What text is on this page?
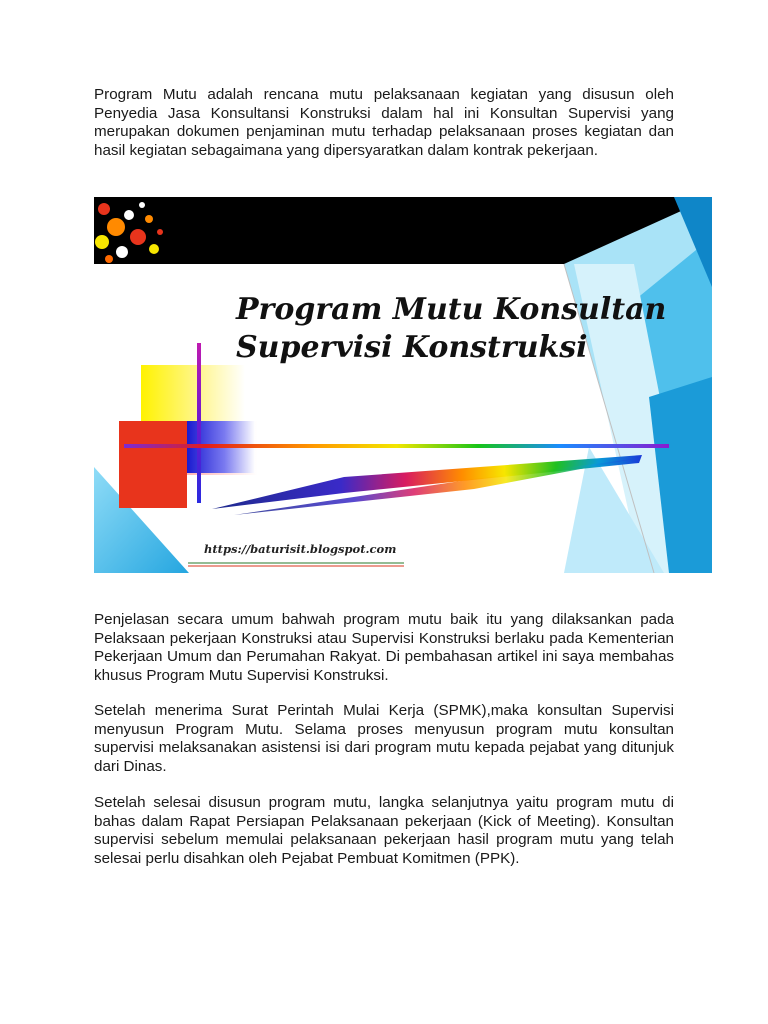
Program Mutu adalah rencana mutu pelaksanaan kegiatan yang disusun oleh Penyedia Jasa Konsultansi Konstruksi dalam hal ini Konsultan Supervisi yang merupakan dokumen penjaminan mutu terhadap pelaksanaan proses kegiatan dan hasil kegiatan sebagaimana yang dipersyaratkan dalam kontrak pekerjaan.

Program Mutu Konsultan
Supervisi Konstruksi
https://baturisit.blogspot.com

Penjelasan secara umum bahwah program mutu baik itu yang dilaksankan pada Pelaksaan pekerjaan Konstruksi atau Supervisi Konstruksi berlaku pada Kementerian Pekerjaan Umum dan Perumahan Rakyat. Di pembahasan artikel ini saya membahas khusus Program Mutu Supervisi Konstruksi.

Setelah menerima Surat Perintah Mulai Kerja (SPMK),maka konsultan Supervisi menyusun Program Mutu. Selama proses menyusun program mutu konsultan supervisi melaksanakan asistensi isi dari program mutu kepada pejabat yang ditunjuk dari Dinas.

Setelah selesai disusun program mutu, langka selanjutnya yaitu program mutu di bahas dalam Rapat Persiapan Pelaksanaan pekerjaan (Kick of Meeting). Konsultan supervisi sebelum memulai pelaksanaan pekerjaan hasil program mutu yang telah selesai perlu disahkan oleh Pejabat Pembuat Komitmen (PPK).
